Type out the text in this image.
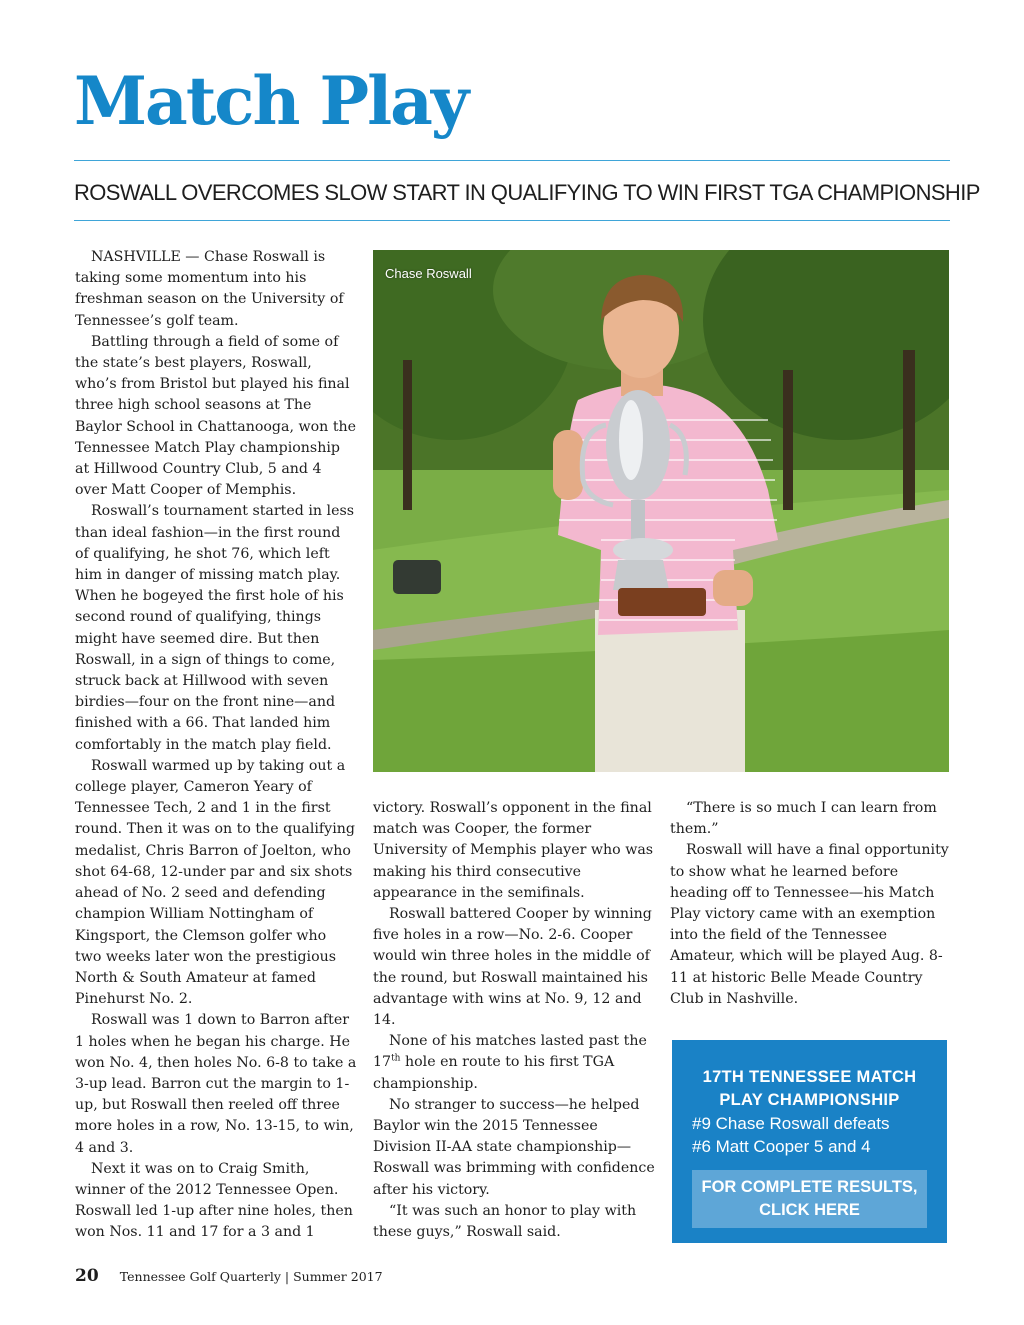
Match Play
ROSWALL OVERCOMES SLOW START IN QUALIFYING TO WIN FIRST TGA CHAMPIONSHIP

NASHVILLE — Chase Roswall is taking some momentum into his freshman season on the University of Tennessee’s golf team.

Battling through a field of some of the state’s best players, Roswall, who’s from Bristol but played his final three high school seasons at The Baylor School in Chattanooga, won the Tennessee Match Play championship at Hillwood Country Club, 5 and 4 over Matt Cooper of Memphis.

Roswall’s tournament started in less than ideal fashion—in the first round of qualifying, he shot 76, which left him in danger of missing match play. When he bogeyed the first hole of his second round of qualifying, things might have seemed dire. But then Roswall, in a sign of things to come, struck back at Hillwood with seven birdies—four on the front nine—and finished with a 66. That landed him comfortably in the match play field.

Roswall warmed up by taking out a college player, Cameron Yeary of Tennessee Tech, 2 and 1 in the first round. Then it was on to the qualifying medalist, Chris Barron of Joelton, who shot 64-68, 12-under par and six shots ahead of No. 2 seed and defending champion William Nottingham of Kingsport, the Clemson golfer who two weeks later won the prestigious North & South Amateur at famed Pinehurst No. 2.

Roswall was 1 down to Barron after 1 holes when he began his charge. He won No. 4, then holes No. 6-8 to take a 3-up lead. Barron cut the margin to 1-up, but Roswall then reeled off three more holes in a row, No. 13-15, to win, 4 and 3.

Next it was on to Craig Smith, winner of the 2012 Tennessee Open. Roswall led 1-up after nine holes, then won Nos. 11 and 17 for a 3 and 1

Chase Roswall

victory. Roswall’s opponent in the final match was Cooper, the former University of Memphis player who was making his third consecutive appearance in the semifinals.

Roswall battered Cooper by winning five holes in a row—No. 2-6. Cooper would win three holes in the middle of the round, but Roswall maintained his advantage with wins at No. 9, 12 and 14.

None of his matches lasted past the 17th hole en route to his first TGA championship.

No stranger to success—he helped Baylor win the 2015 Tennessee Division II-AA state championship—Roswall was brimming with confidence after his victory.

“It was such an honor to play with these guys,” Roswall said.

“There is so much I can learn from them.”

Roswall will have a final opportunity to show what he learned before heading off to Tennessee—his Match Play victory came with an exemption into the field of the Tennessee Amateur, which will be played Aug. 8-11 at historic Belle Meade Country Club in Nashville.

17TH TENNESSEE MATCH PLAY CHAMPIONSHIP
#9 Chase Roswall defeats
#6 Matt Cooper 5 and 4
FOR COMPLETE RESULTS, CLICK HERE
20 Tennessee Golf Quarterly | Summer 2017
